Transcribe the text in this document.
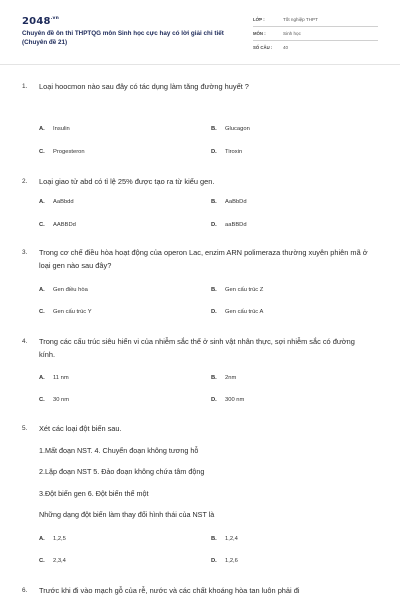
$2048^{.vn}$
Chuyên đề ôn thi THPTQG môn Sinh học cực hay có lời giải chi tiết (Chuyên đề 21)
LỚP :	Tốt nghiệp THPT
MÔN :	Sinh học
SỐ CÂU : 40
1. Loại hoocmon nào sau đây có tác dụng làm tăng đường huyết ?
A. Insulin	B. Glucagon
C. Progesteron	D. Tiroxin
2. Loại giao tử abd có tỉ lệ 25% được tạo ra từ kiểu gen.
A. AaBbdd	B. AaBbDd
C. AABBDd	D. aaBBDd
3. Trong cơ chế điều hòa hoạt động của operon Lac, enzim ARN polimeraza thường xuyên phiên mã ở loại gen nào sau đây?
A. Gen điều hòa	B. Gen cấu trúc Z
C. Gen cấu trúc Y	D. Gen cấu trúc A
4. Trong các cấu trúc siêu hiển vi của nhiễm sắc thể ở sinh vật nhân thực, sợi nhiễm sắc có đường kính.
A. 11 nm	B. 2nm
C. 30 nm	D. 300 nm
5. Xét các loại đột biến sau.
1.Mất đoạn NST. 4. Chuyển đoạn không tương hỗ
2.Lặp đoạn NST 5. Đảo đoạn không chứa tâm động
3.Đột biến gen 6. Đột biến thể một
Những dạng đột biến làm thay đổi hình thái của NST là
A. 1,2,5	B. 1,2,4
C. 2,3,4	D. 1,2,6
6. Trước khi đi vào mạch gỗ của rễ, nước và các chất khoáng hòa tan luôn phải đi
